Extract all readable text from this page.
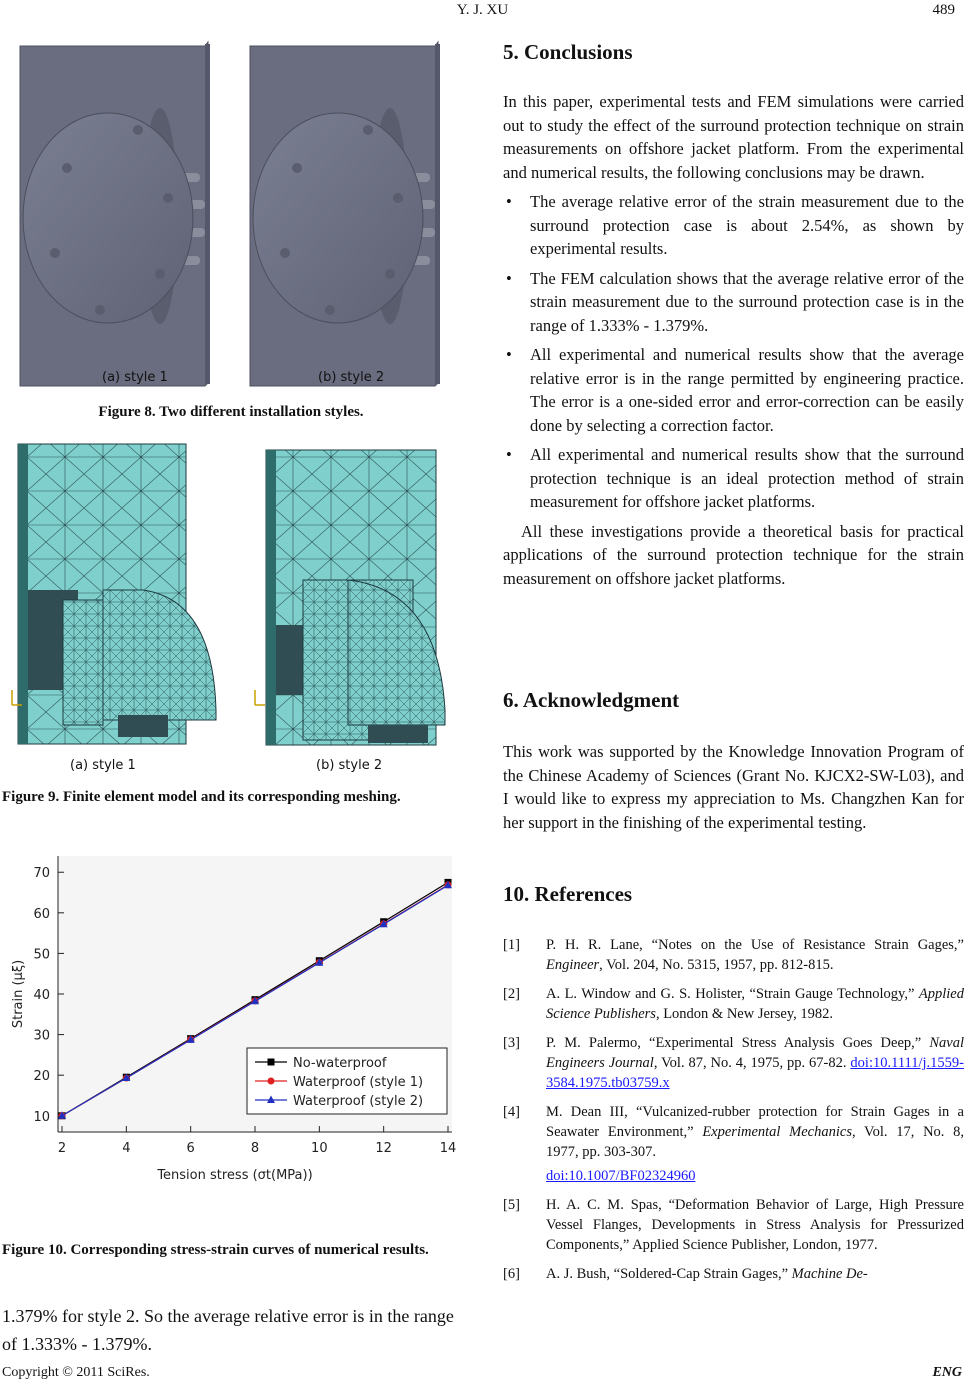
Y. J. XU	489
(a) style 1	(b) style 2
Figure 8. Two different installation styles.
(a) style 1	(b) style 2
Figure 9. Finite element model and its corresponding meshing.
10
20
30
40
50
60
70
2	4	6	8	10	12	14
Tension stress (σt(MPa))
Strain (μξ)
No-waterproof
Waterproof (style 1)
Waterproof (style 2)
Figure 10. Corresponding stress-strain curves of numerical results.
1.379% for style 2. So the average relative error is in the range of 1.333% - 1.379%.
5. Conclusions

In this paper, experimental tests and FEM simulations were carried out to study the effect of the surround protection technique on strain measurements on offshore jacket platform. From the experimental and numerical results, the following conclusions may be drawn.

• The average relative error of the strain measurement due to the surround protection case is about 2.54%, as shown by experimental results.
• The FEM calculation shows that the average relative error of the strain measurement due to the surround protection case is in the range of 1.333% - 1.379%.
• All experimental and numerical results show that the average relative error is in the range permitted by engineering practice. The error is a one-sided error and error-correction can be easily done by selecting a correction factor.
• All experimental and numerical results show that the surround protection technique is an ideal protection method of strain measurement for offshore jacket platforms.

All these investigations provide a theoretical basis for practical applications of the surround protection technique for the strain measurement on offshore jacket platforms.

6. Acknowledgment

This work was supported by the Knowledge Innovation Program of the Chinese Academy of Sciences (Grant No. KJCX2-SW-L03), and I would like to express my appreciation to Ms. Changzhen Kan for her support in the finishing of the experimental testing.

10. References
[1] P. H. R. Lane, “Notes on the Use of Resistance Strain Gages,” Engineer, Vol. 204, No. 5315, 1957, pp. 812-815.
[2] A. L. Window and G. S. Holister, “Strain Gauge Technology,” Applied Science Publishers, London & New Jersey, 1982.
[3] P. M. Palermo, “Experimental Stress Analysis Goes Deep,” Naval Engineers Journal, Vol. 87, No. 4, 1975, pp. 67-82. doi:10.1111/j.1559-3584.1975.tb03759.x
[4] M. Dean III, “Vulcanized-rubber protection for Strain Gages in a Seawater Environment,” Experimental Mechanics, Vol. 17, No. 8, 1977, pp. 303-307.
doi:10.1007/BF02324960
[5] H. A. C. M. Spas, “Deformation Behavior of Large, High Pressure Vessel Flanges, Developments in Stress Analysis for Pressurized Components,” Applied Science Publisher, London, 1977.
[6] A. J. Bush, “Soldered-Cap Strain Gages,” Machine De-
Copyright © 2011 SciRes.	ENG
